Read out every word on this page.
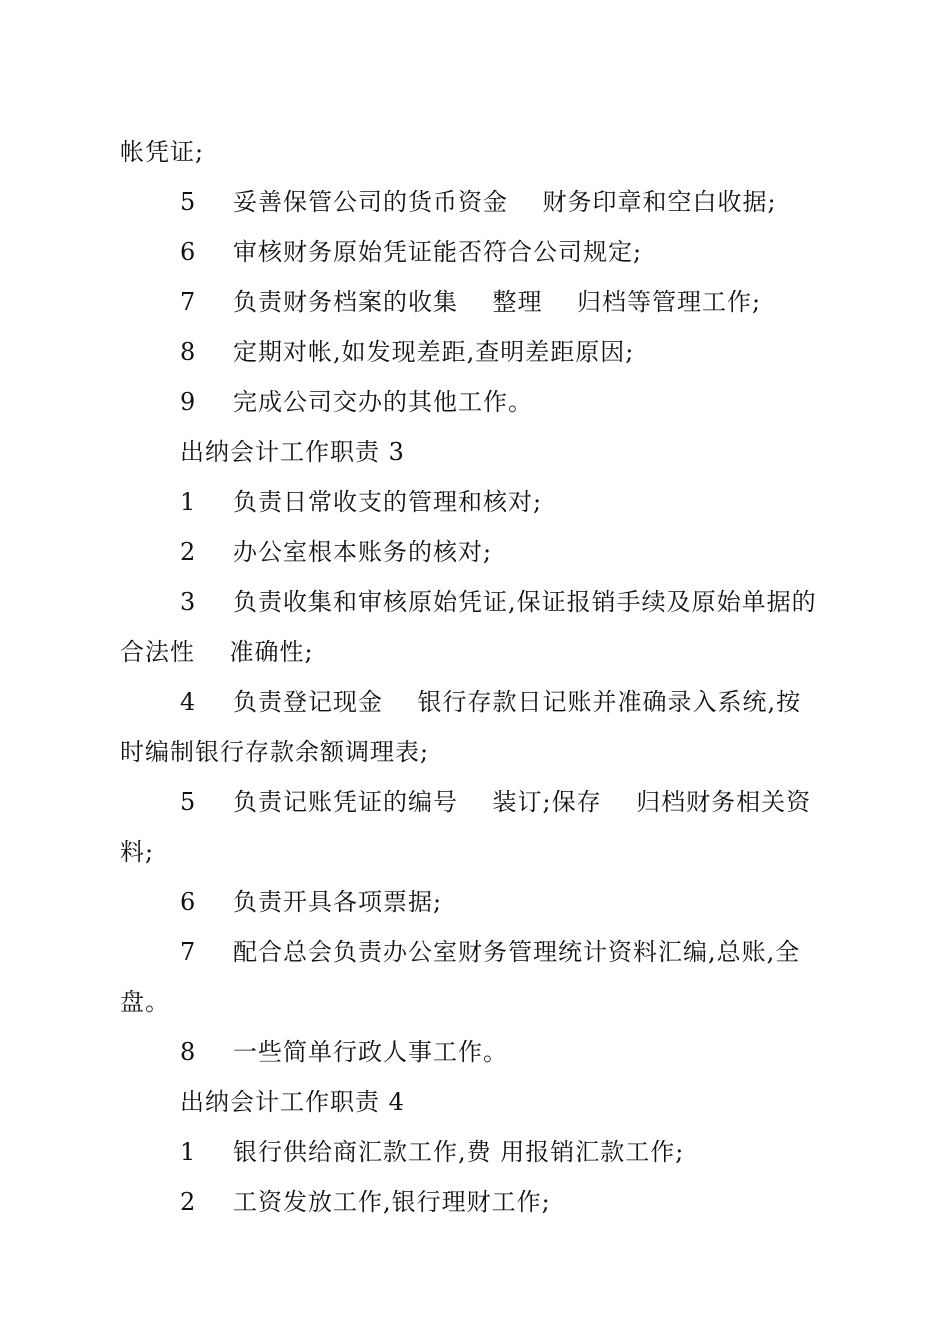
帐凭证;
5 妥善保管公司的货币资金    财务印章和空白收据;
6 审核财务原始凭证能否符合公司规定;
7 负责财务档案的收集    整理    归档等管理工作;
8 定期对帐,如发现差距,查明差距原因;
9 完成公司交办的其他工作。
出纳会计工作职责 3
1 负责日常收支的管理和核对;
2 办公室根本账务的核对;
3 负责收集和审核原始凭证,保证报销手续及原始单据的
合法性    准确性;
4 负责登记现金    银行存款日记账并准确录入系统,按
时编制银行存款余额调理表;
5 负责记账凭证的编号    装订;保存    归档财务相关资
料;
6 负责开具各项票据;
7 配合总会负责办公室财务管理统计资料汇编,总账,全
盘。
8 一些简单行政人事工作。
出纳会计工作职责 4
1 银行供给商汇款工作,费 用报销汇款工作;
2 工资发放工作,银行理财工作;
